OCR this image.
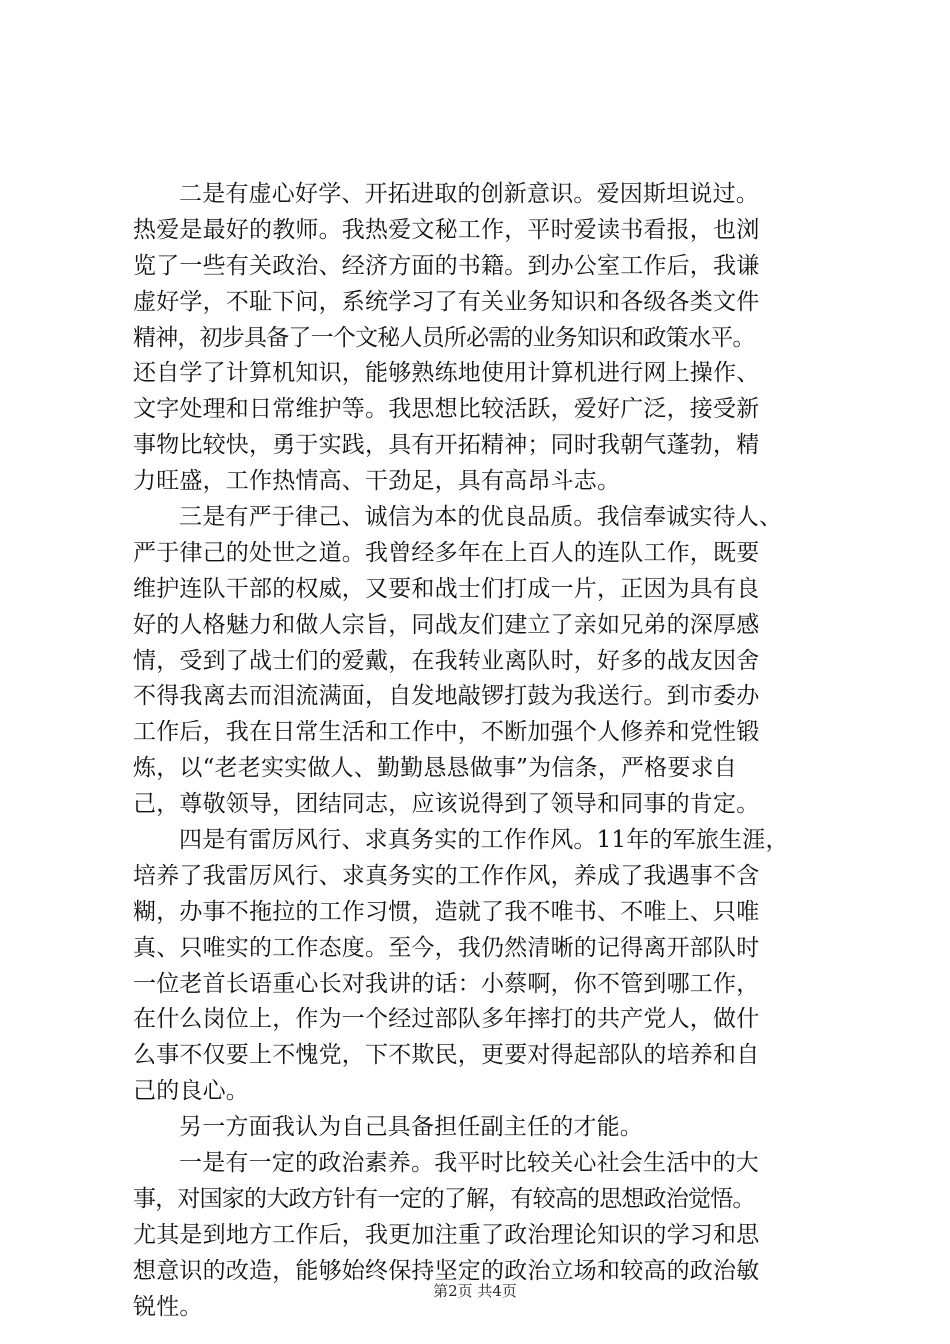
二是有虚心好学、开拓进取的创新意识。爱因斯坦说过。
热爱是最好的教师。我热爱文秘工作，平时爱读书看报，也浏
览了一些有关政治、经济方面的书籍。到办公室工作后，我谦
虚好学，不耻下问，系统学习了有关业务知识和各级各类文件
精神，初步具备了一个文秘人员所必需的业务知识和政策水平。
还自学了计算机知识，能够熟练地使用计算机进行网上操作、
文字处理和日常维护等。我思想比较活跃，爱好广泛，接受新
事物比较快，勇于实践，具有开拓精神；同时我朝气蓬勃，精
力旺盛，工作热情高、干劲足，具有高昂斗志。
三是有严于律己、诚信为本的优良品质。我信奉诚实待人、
严于律己的处世之道。我曾经多年在上百人的连队工作，既要
维护连队干部的权威，又要和战士们打成一片，正因为具有良
好的人格魅力和做人宗旨，同战友们建立了亲如兄弟的深厚感
情，受到了战士们的爱戴，在我转业离队时，好多的战友因舍
不得我离去而泪流满面，自发地敲锣打鼓为我送行。到市委办
工作后，我在日常生活和工作中，不断加强个人修养和党性锻
炼，以“老老实实做人、勤勤恳恳做事”为信条，严格要求自
己，尊敬领导，团结同志，应该说得到了领导和同事的肯定。
四是有雷厉风行、求真务实的工作作风。11年的军旅生涯，
培养了我雷厉风行、求真务实的工作作风，养成了我遇事不含
糊，办事不拖拉的工作习惯，造就了我不唯书、不唯上、只唯
真、只唯实的工作态度。至今，我仍然清晰的记得离开部队时
一位老首长语重心长对我讲的话：小蔡啊，你不管到哪工作，
在什么岗位上，作为一个经过部队多年摔打的共产党人，做什
么事不仅要上不愧党，下不欺民，更要对得起部队的培养和自
己的良心。
另一方面我认为自己具备担任副主任的才能。
一是有一定的政治素养。我平时比较关心社会生活中的大
事，对国家的大政方针有一定的了解，有较高的思想政治觉悟。
尤其是到地方工作后，我更加注重了政治理论知识的学习和思
想意识的改造，能够始终保持坚定的政治立场和较高的政治敏
锐性。
第2页 共4页
